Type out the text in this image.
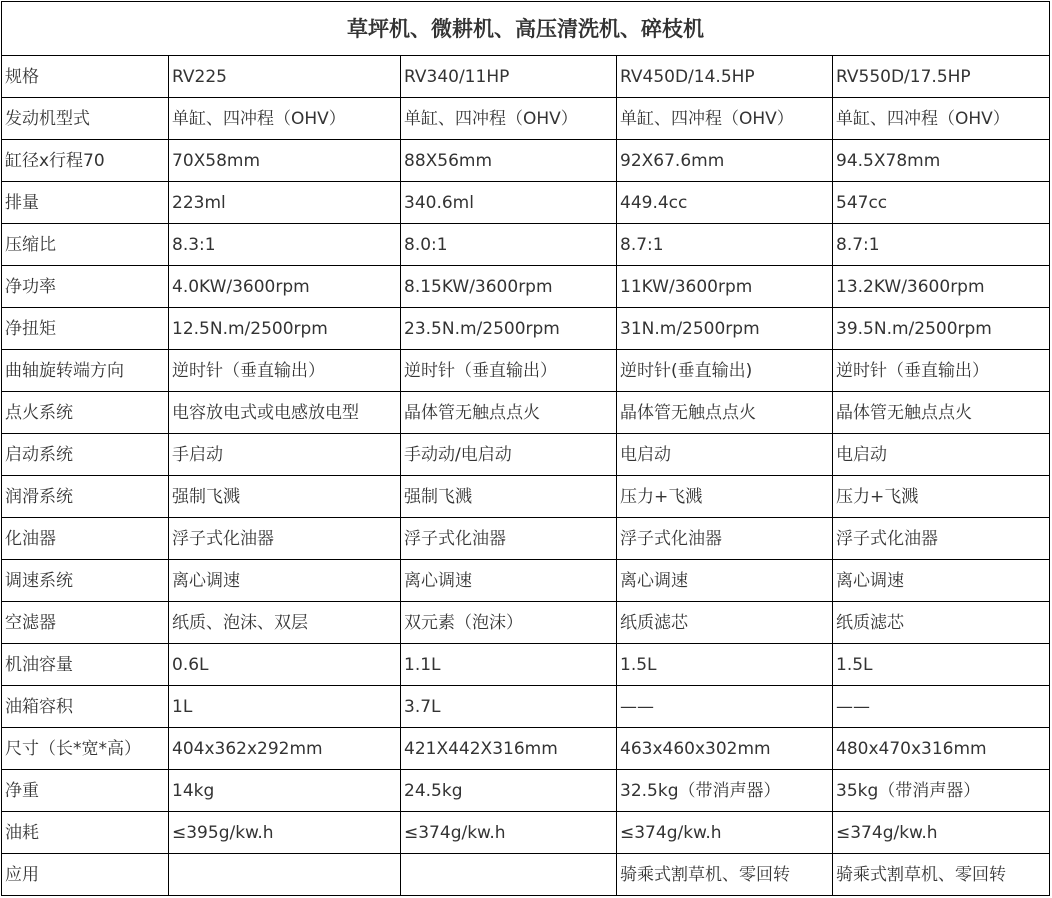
草坪机、微耕机、高压清洗机、碎枝机				
规格	RV225	RV340/11HP	RV450D/14.5HP	RV550D/17.5HP
发动机型式	单缸、四冲程（OHV）	单缸、四冲程（OHV）	单缸、四冲程（OHV）	单缸、四冲程（OHV）
缸径x行程70	70X58mm	88X56mm	92X67.6mm	94.5X78mm
排量	223ml	340.6ml	449.4cc	547cc
压缩比	8.3:1	8.0:1	8.7:1	8.7:1
净功率	4.0KW/3600rpm	8.15KW/3600rpm	11KW/3600rpm	13.2KW/3600rpm
净扭矩	12.5N.m/2500rpm	23.5N.m/2500rpm	31N.m/2500rpm	39.5N.m/2500rpm
曲轴旋转端方向	逆时针（垂直输出）	逆时针（垂直输出）	逆时针(垂直输出)	逆时针（垂直输出）
点火系统	电容放电式或电感放电型	晶体管无触点点火	晶体管无触点点火	晶体管无触点点火
启动系统	手启动	手动动/电启动	电启动	电启动
润滑系统	强制飞溅	强制飞溅	压力+飞溅	压力+飞溅
化油器	浮子式化油器	浮子式化油器	浮子式化油器	浮子式化油器
调速系统	离心调速	离心调速	离心调速	离心调速
空滤器	纸质、泡沫、双层	双元素（泡沫）	纸质滤芯	纸质滤芯
机油容量	0.6L	1.1L	1.5L	1.5L
油箱容积	1L	3.7L	——	——
尺寸（长*宽*高）	404x362x292mm	421X442X316mm	463x460x302mm	480x470x316mm
净重	14kg	24.5kg	32.5kg（带消声器）	35kg（带消声器）
油耗	≤395g/kw.h	≤374g/kw.h	≤374g/kw.h	≤374g/kw.h
应用			骑乘式割草机、零回转	骑乘式割草机、零回转
